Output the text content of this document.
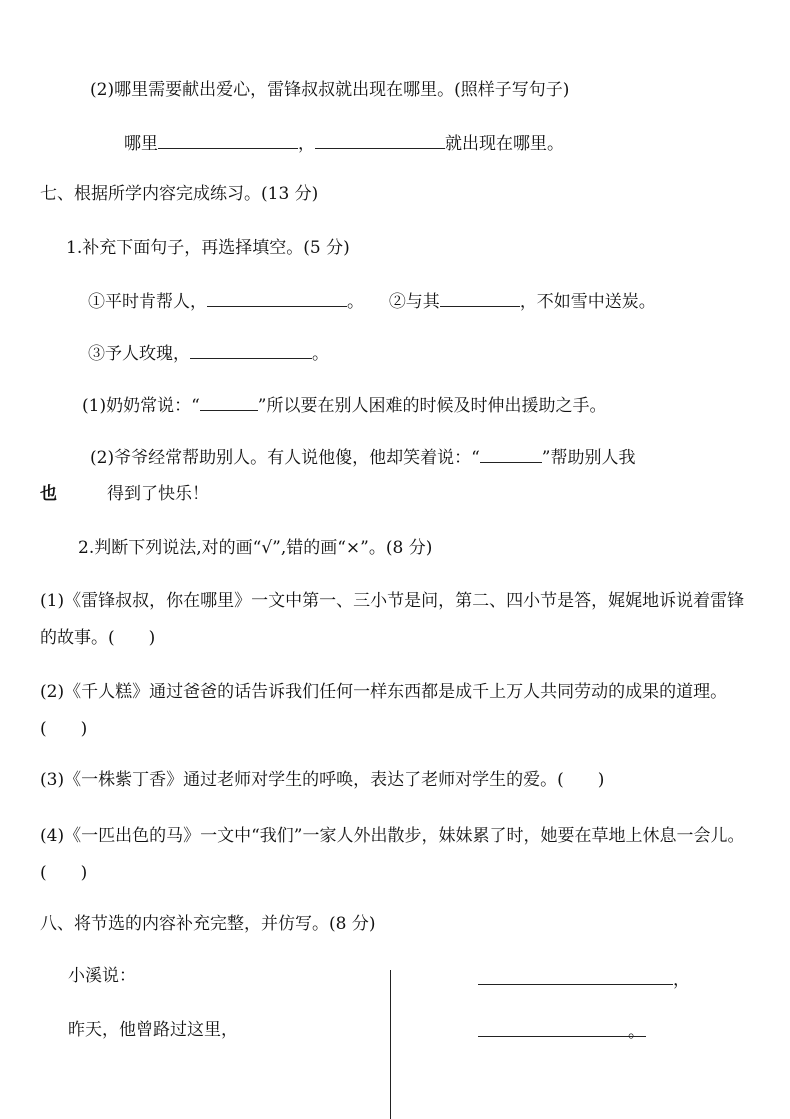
(2)哪里需要献出爱心，雷锋叔叔就出现在哪里。(照样子写句子)
哪里	，	就出现在哪里。
七、根据所学内容完成练习。(13 分)
1.补充下面句子，再选择填空。(5 分)
①平时肯帮人，	。 ②与其	，不如雪中送炭。
③予人玫瑰，	。
(1)奶奶常说：“	”所以要在别人困难的时候及时伸出援助之手。
(2)爷爷经常帮助别人。有人说他傻，他却笑着说：“	”帮助别人我
也	得到了快乐！
2.判断下列说法,对的画“√”,错的画“×”。(8 分)
(1)《雷锋叔叔，你在哪里》一文中第一、三小节是问，第二、四小节是答，娓娓地诉说着雷锋的故事。(　　)
(2)《千人糕》通过爸爸的话告诉我们任何一样东西都是成千上万人共同劳动的成果的道理。(　　)
(3)《一株紫丁香》通过老师对学生的呼唤，表达了老师对学生的爱。(　　)
(4)《一匹出色的马》一文中“我们”一家人外出散步，妹妹累了时，她要在草地上休息一会儿。(　　)
八、将节选的内容补充完整，并仿写。(8 分)
小溪说：
昨天，他曾路过这里，
，
。
